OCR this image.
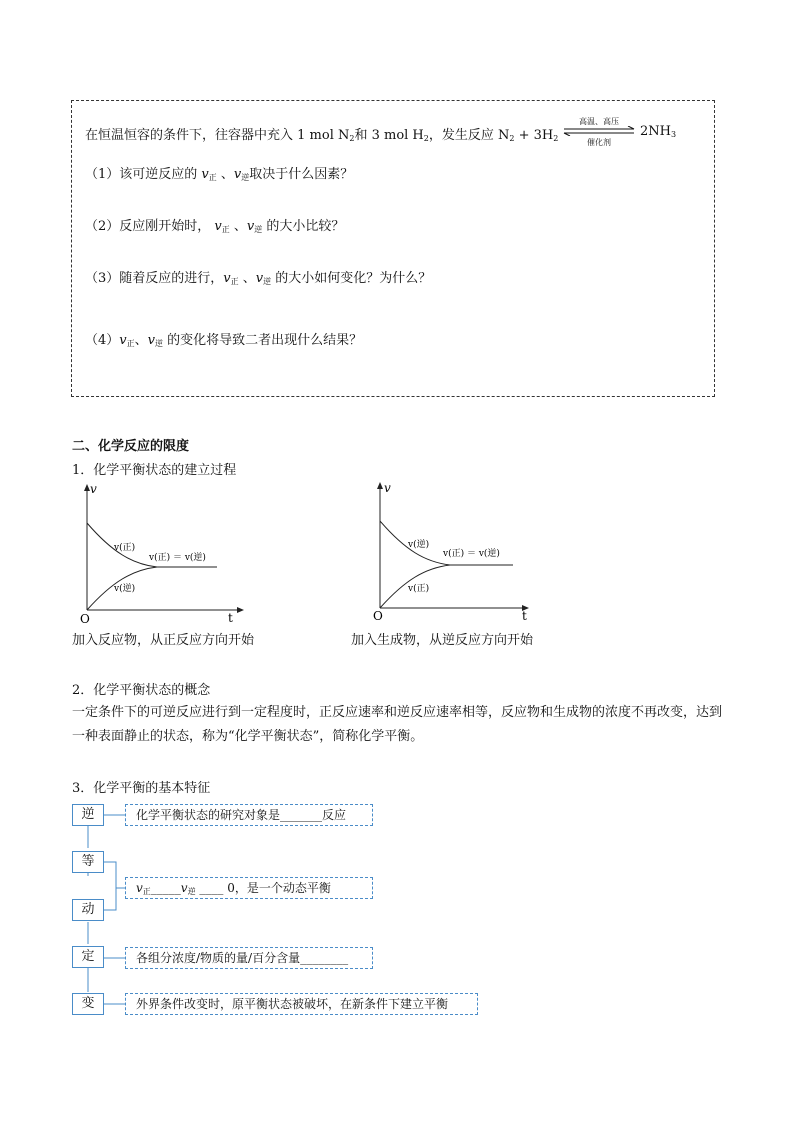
在恒温恒容的条件下，往容器中充入 1 mol $N_2$和 3 mol $H_2$，发生反应 $N_2 + 3H_2$
高温、高压
催化剂
$2NH_3$
（1）该可逆反应的 $v_正$ 、$v_逆$取决于什么因素？
（2）反应刚开始时， $v_正$ 、$v_逆$ 的大小比较？
（3）随着反应的进行，$v_正$ 、$v_逆$ 的大小如何变化？为什么？
$(4)v_正$、$v_逆$ 的变化将导致二者出现什么结果？
二、化学反应的限度
1．化学平衡状态的建立过程
v
t
O
v(正)
v(正) ＝ v(逆)
v(逆)
加入反应物，从正反应方向开始
v
t
O
v(逆)
v(正) ＝ v(逆)
v(正)
加入生成物，从逆反应方向开始
2．化学平衡状态的概念
一定条件下的可逆反应进行到一定程度时，正反应速率和逆反应速率相等，反应物和生成物的浓度不再改变，达到一种表面静止的状态，称为“化学平衡状态”，简称化学平衡。
3．化学平衡的基本特征
逆
等
动
定
变
化学平衡状态的研究对象是_______反应
$v_正\_\_\_\_\_v_逆$ ____ 0，是一个动态平衡
各组分浓度/物质的量/百分含量________
外界条件改变时，原平衡状态被破坏，在新条件下建立平衡
